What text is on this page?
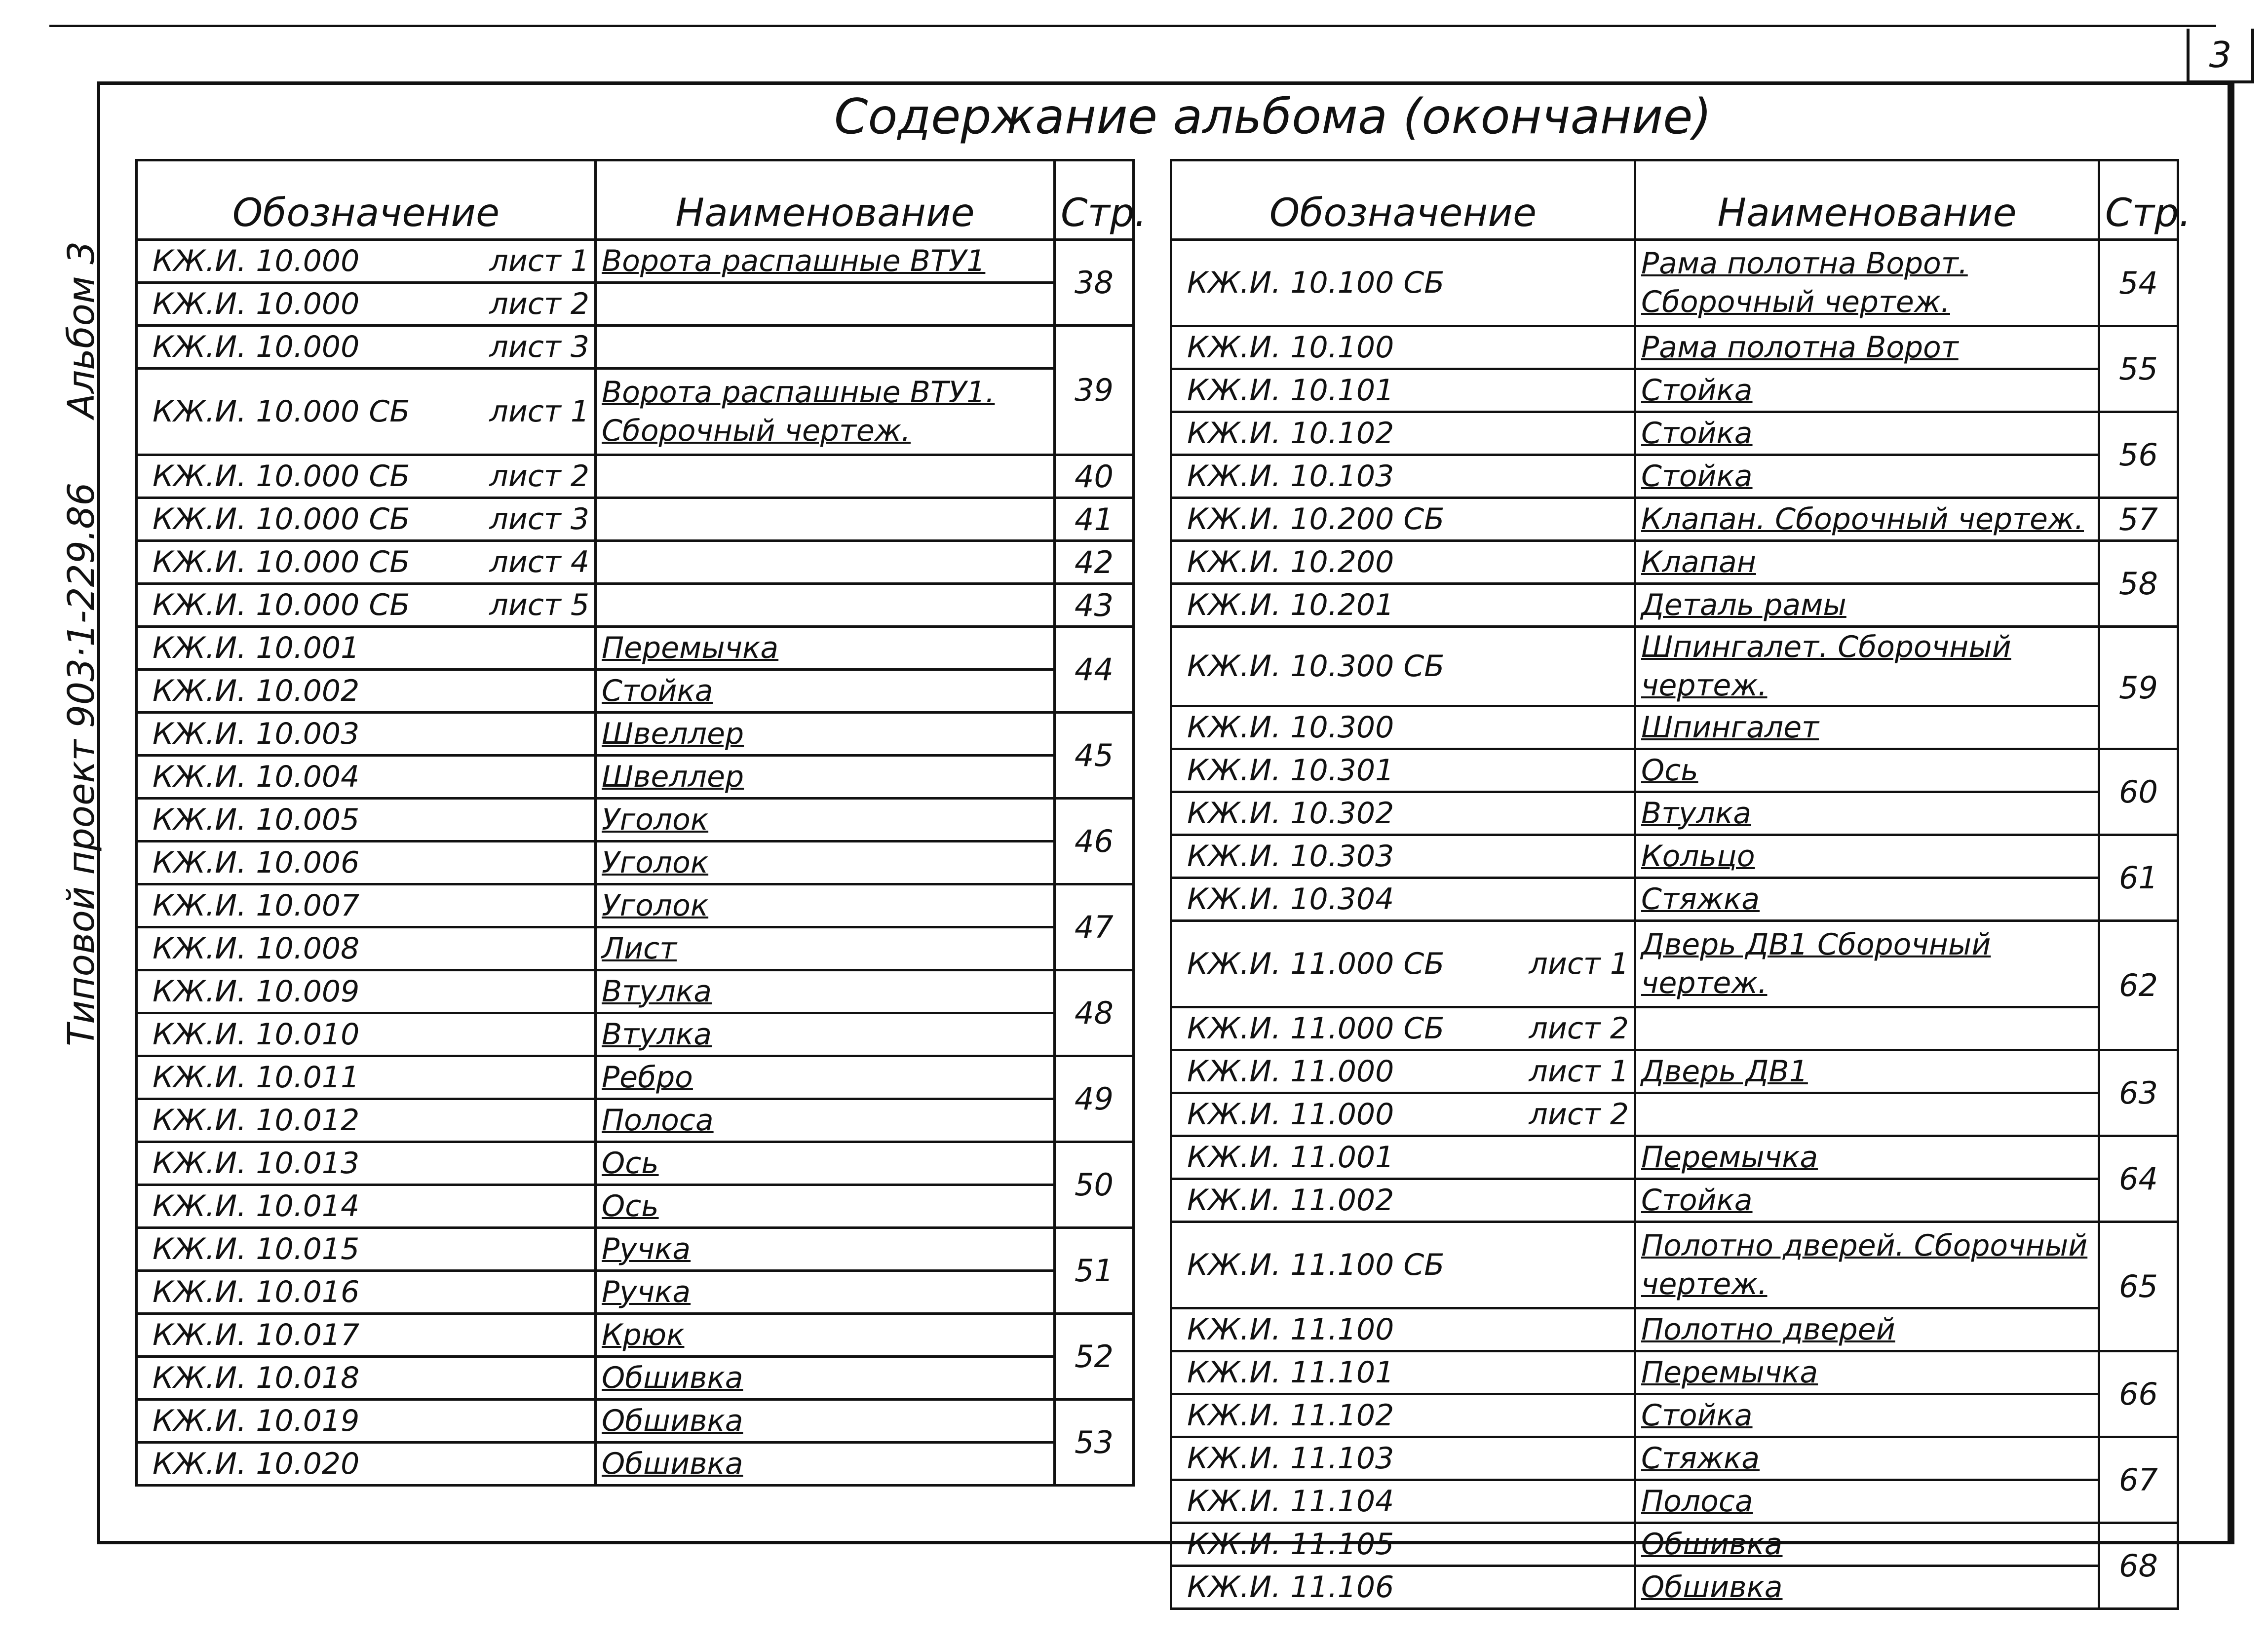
3
Содержание альбома (окончание)
Типовой проект 903·1-229.86
Альбом 3
Обозначение	Наименование	Стр.

КЖ.И. 10.000 лист 1	Ворота распашные ВТУ1	38

КЖ.И. 10.000 лист 2		

КЖ.И. 10.000 лист 3		39

КЖ.И. 10.000 СБ лист 1	Ворота распашные ВТУ1. Сборочный чертеж.	

КЖ.И. 10.000 СБ лист 2		40

КЖ.И. 10.000 СБ лист 3		41

КЖ.И. 10.000 СБ лист 4		42

КЖ.И. 10.000 СБ лист 5		43

КЖ.И. 10.001	Перемычка	44

КЖ.И. 10.002	Стойка	

КЖ.И. 10.003	Швеллер	45

КЖ.И. 10.004	Швеллер	

КЖ.И. 10.005	Уголок	46

КЖ.И. 10.006	Уголок	

КЖ.И. 10.007	Уголок	47

КЖ.И. 10.008	Лист	

КЖ.И. 10.009	Втулка	48

КЖ.И. 10.010	Втулка	

КЖ.И. 10.011	Ребро	49

КЖ.И. 10.012	Полоса	

КЖ.И. 10.013	Ось	50

КЖ.И. 10.014	Ось	

КЖ.И. 10.015	Ручка	51

КЖ.И. 10.016	Ручка	

КЖ.И. 10.017	Крюк	52

КЖ.И. 10.018	Обшивка	

КЖ.И. 10.019	Обшивка	53

КЖ.И. 10.020	Обшивка	
Обозначение	Наименование	Стр.

КЖ.И. 10.100 СБ	Рама полотна Ворот. Сборочный чертеж.	54

КЖ.И. 10.100	Рама полотна Ворот	55

КЖ.И. 10.101	Стойка	

КЖ.И. 10.102	Стойка	56

КЖ.И. 10.103	Стойка	

КЖ.И. 10.200 СБ	Клапан. Сборочный чертеж.	57

КЖ.И. 10.200	Клапан	58

КЖ.И. 10.201	Деталь рамы	

КЖ.И. 10.300 СБ	Шпингалет. Сборочный чертеж.	59

КЖ.И. 10.300	Шпингалет	

КЖ.И. 10.301	Ось	60

КЖ.И. 10.302	Втулка	

КЖ.И. 10.303	Кольцо	61

КЖ.И. 10.304	Стяжка	

КЖ.И. 11.000 СБ лист 1	Дверь ДВ1 Сборочный чертеж.	62

КЖ.И. 11.000 СБ лист 2		

КЖ.И. 11.000 лист 1	Дверь ДВ1	63

КЖ.И. 11.000 лист 2		

КЖ.И. 11.001	Перемычка	64

КЖ.И. 11.002	Стойка	

КЖ.И. 11.100 СБ	Полотно дверей. Сборочный чертеж.	65

КЖ.И. 11.100	Полотно дверей	

КЖ.И. 11.101	Перемычка	66

КЖ.И. 11.102	Стойка	

КЖ.И. 11.103	Стяжка	67

КЖ.И. 11.104	Полоса	

КЖ.И. 11.105	Обшивка	68

КЖ.И. 11.106	Обшивка	
